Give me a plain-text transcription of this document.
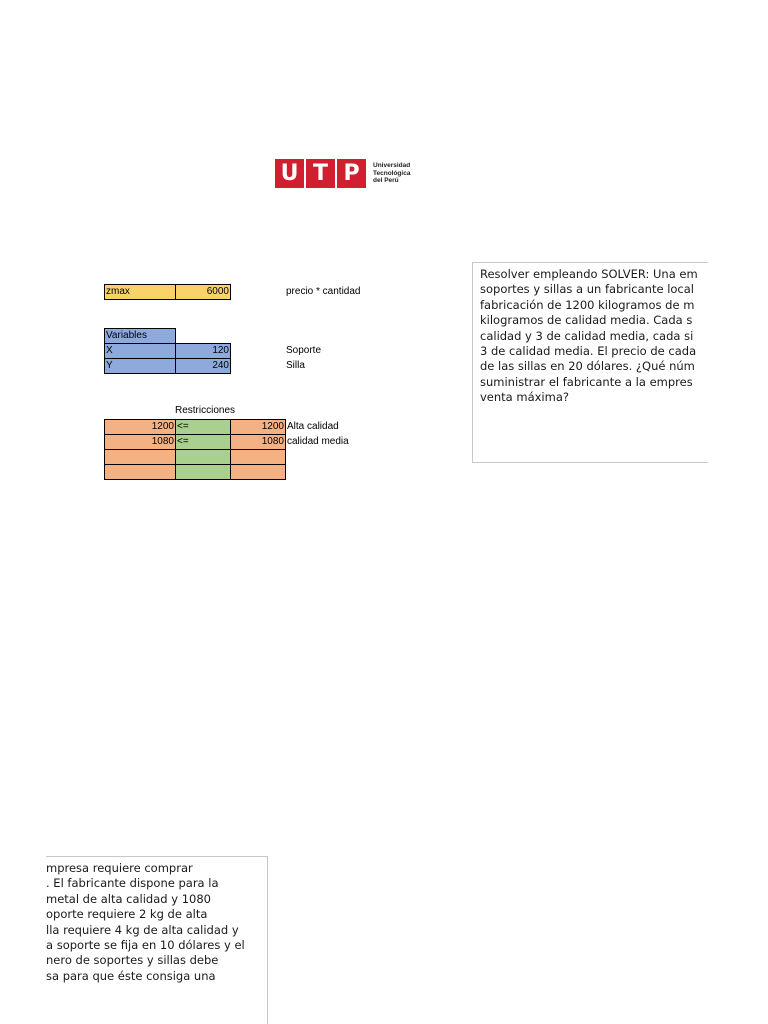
U T P	Universidad
Tecnológica
del Perú
zmax	6000	precio * cantidad
Variables
X	120	Soporte
Y	240	Silla
Restricciones
1200 <=	1200 Alta calidad
1080 <=	1080 calidad media

Resolver empleando SOLVER: Una em

soportes y sillas a un fabricante local

fabricación de 1200 kilogramos de m

kilogramos de calidad media. Cada s

calidad y 3 de calidad media, cada si

3 de calidad media. El precio de cada

de las sillas en 20 dólares. ¿Qué núm

suministrar el fabricante a la empres

venta máxima?

mpresa requiere comprar

. El fabricante dispone para la

metal de alta calidad y 1080

oporte requiere 2 kg de alta

lla requiere 4 kg de alta calidad y

a soporte se fija en 10 dólares y el

nero de soportes y sillas debe

sa para que éste consiga una
